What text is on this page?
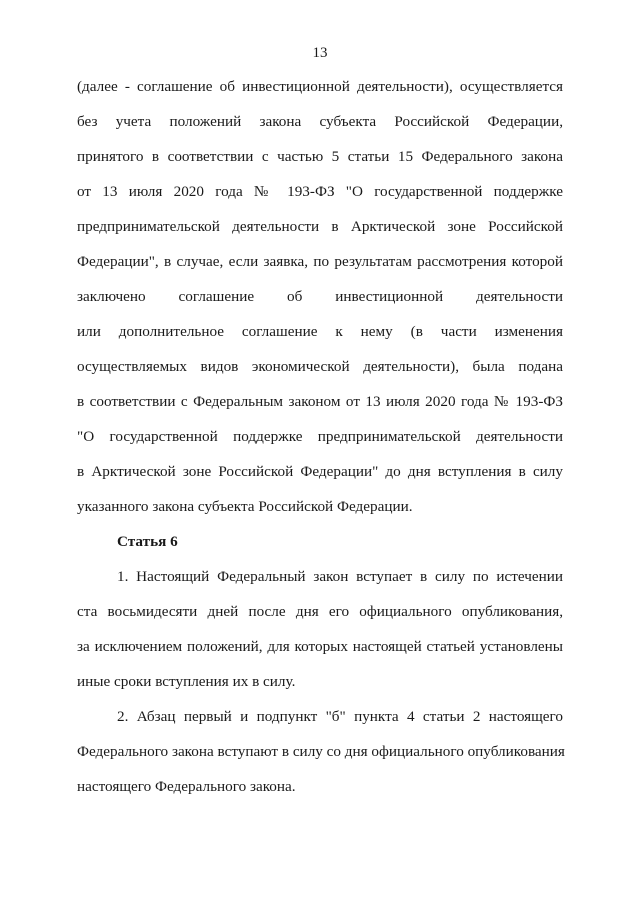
13
(далее - соглашение об инвестиционной деятельности), осуществляется
без учета положений закона субъекта Российской Федерации,
принятого в соответствии с частью 5 статьи 15 Федерального закона
от 13 июля 2020 года № 193-ФЗ "О государственной поддержке
предпринимательской деятельности в Арктической зоне Российской
Федерации", в случае, если заявка, по результатам рассмотрения которой
заключено соглашение об инвестиционной деятельности
или дополнительное соглашение к нему (в части изменения
осуществляемых видов экономической деятельности), была подана
в соответствии с Федеральным законом от 13 июля 2020 года № 193-ФЗ
"О государственной поддержке предпринимательской деятельности
в Арктической зоне Российской Федерации" до дня вступления в силу
указанного закона субъекта Российской Федерации.
Статья 6
1. Настоящий Федеральный закон вступает в силу по истечении
ста восьмидесяти дней после дня его официального опубликования,
за исключением положений, для которых настоящей статьей установлены
иные сроки вступления их в силу.
2. Абзац первый и подпункт "б" пункта 4 статьи 2 настоящего
Федерального закона вступают в силу со дня официального опубликования
настоящего Федерального закона.
